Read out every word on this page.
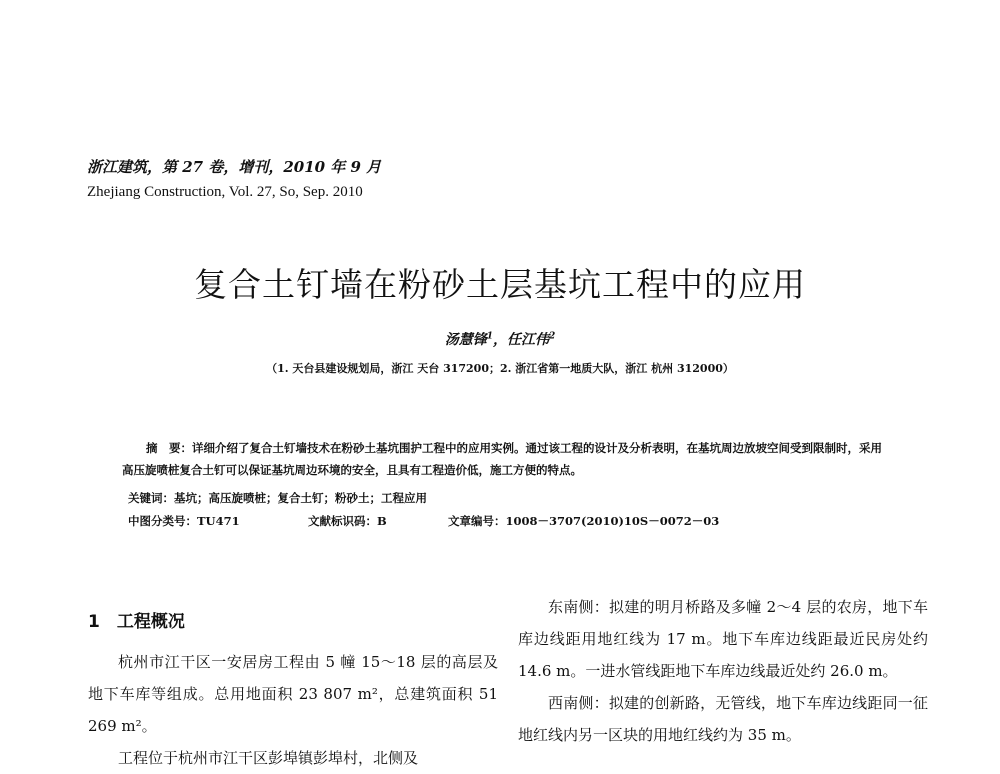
浙江建筑，第 27 卷，增刊，2010 年 9 月
Zhejiang Construction, Vol. 27, So, Sep. 2010
复合土钉墙在粉砂土层基坑工程中的应用
汤慧锋$^1$，任江伟$^2$
（1. 天台县建设规划局，浙江 天台 317200；2. 浙江省第一地质大队，浙江 杭州 312000）
摘　要：详细介绍了复合土钉墙技术在粉砂土基坑围护工程中的应用实例。通过该工程的设计及分析表明，在基坑周边放坡空间受到限制时，采用高压旋喷桩复合土钉可以保证基坑周边环境的安全，且具有工程造价低，施工方便的特点。
关键词：基坑；高压旋喷桩；复合土钉；粉砂土；工程应用
中图分类号：TU471	文献标识码：B	文章编号：1008－3707(2010)10S－0072－03
1　工程概况

杭州市江干区一安居房工程由 5 幢 15～18 层的高层及地下车库等组成。总用地面积 23 807 m²，总建筑面积 51 269 m²。

工程位于杭州市江干区彭埠镇彭埠村，北侧及

东南侧：拟建的明月桥路及多幢 2～4 层的农房，地下车库边线距用地红线为 17 m。地下车库边线距最近民房处约 14.6 m。一进水管线距地下车库边线最近处约 26.0 m。

西南侧：拟建的创新路，无管线，地下车库边线距同一征地红线内另一区块的用地红线约为 35 m。
